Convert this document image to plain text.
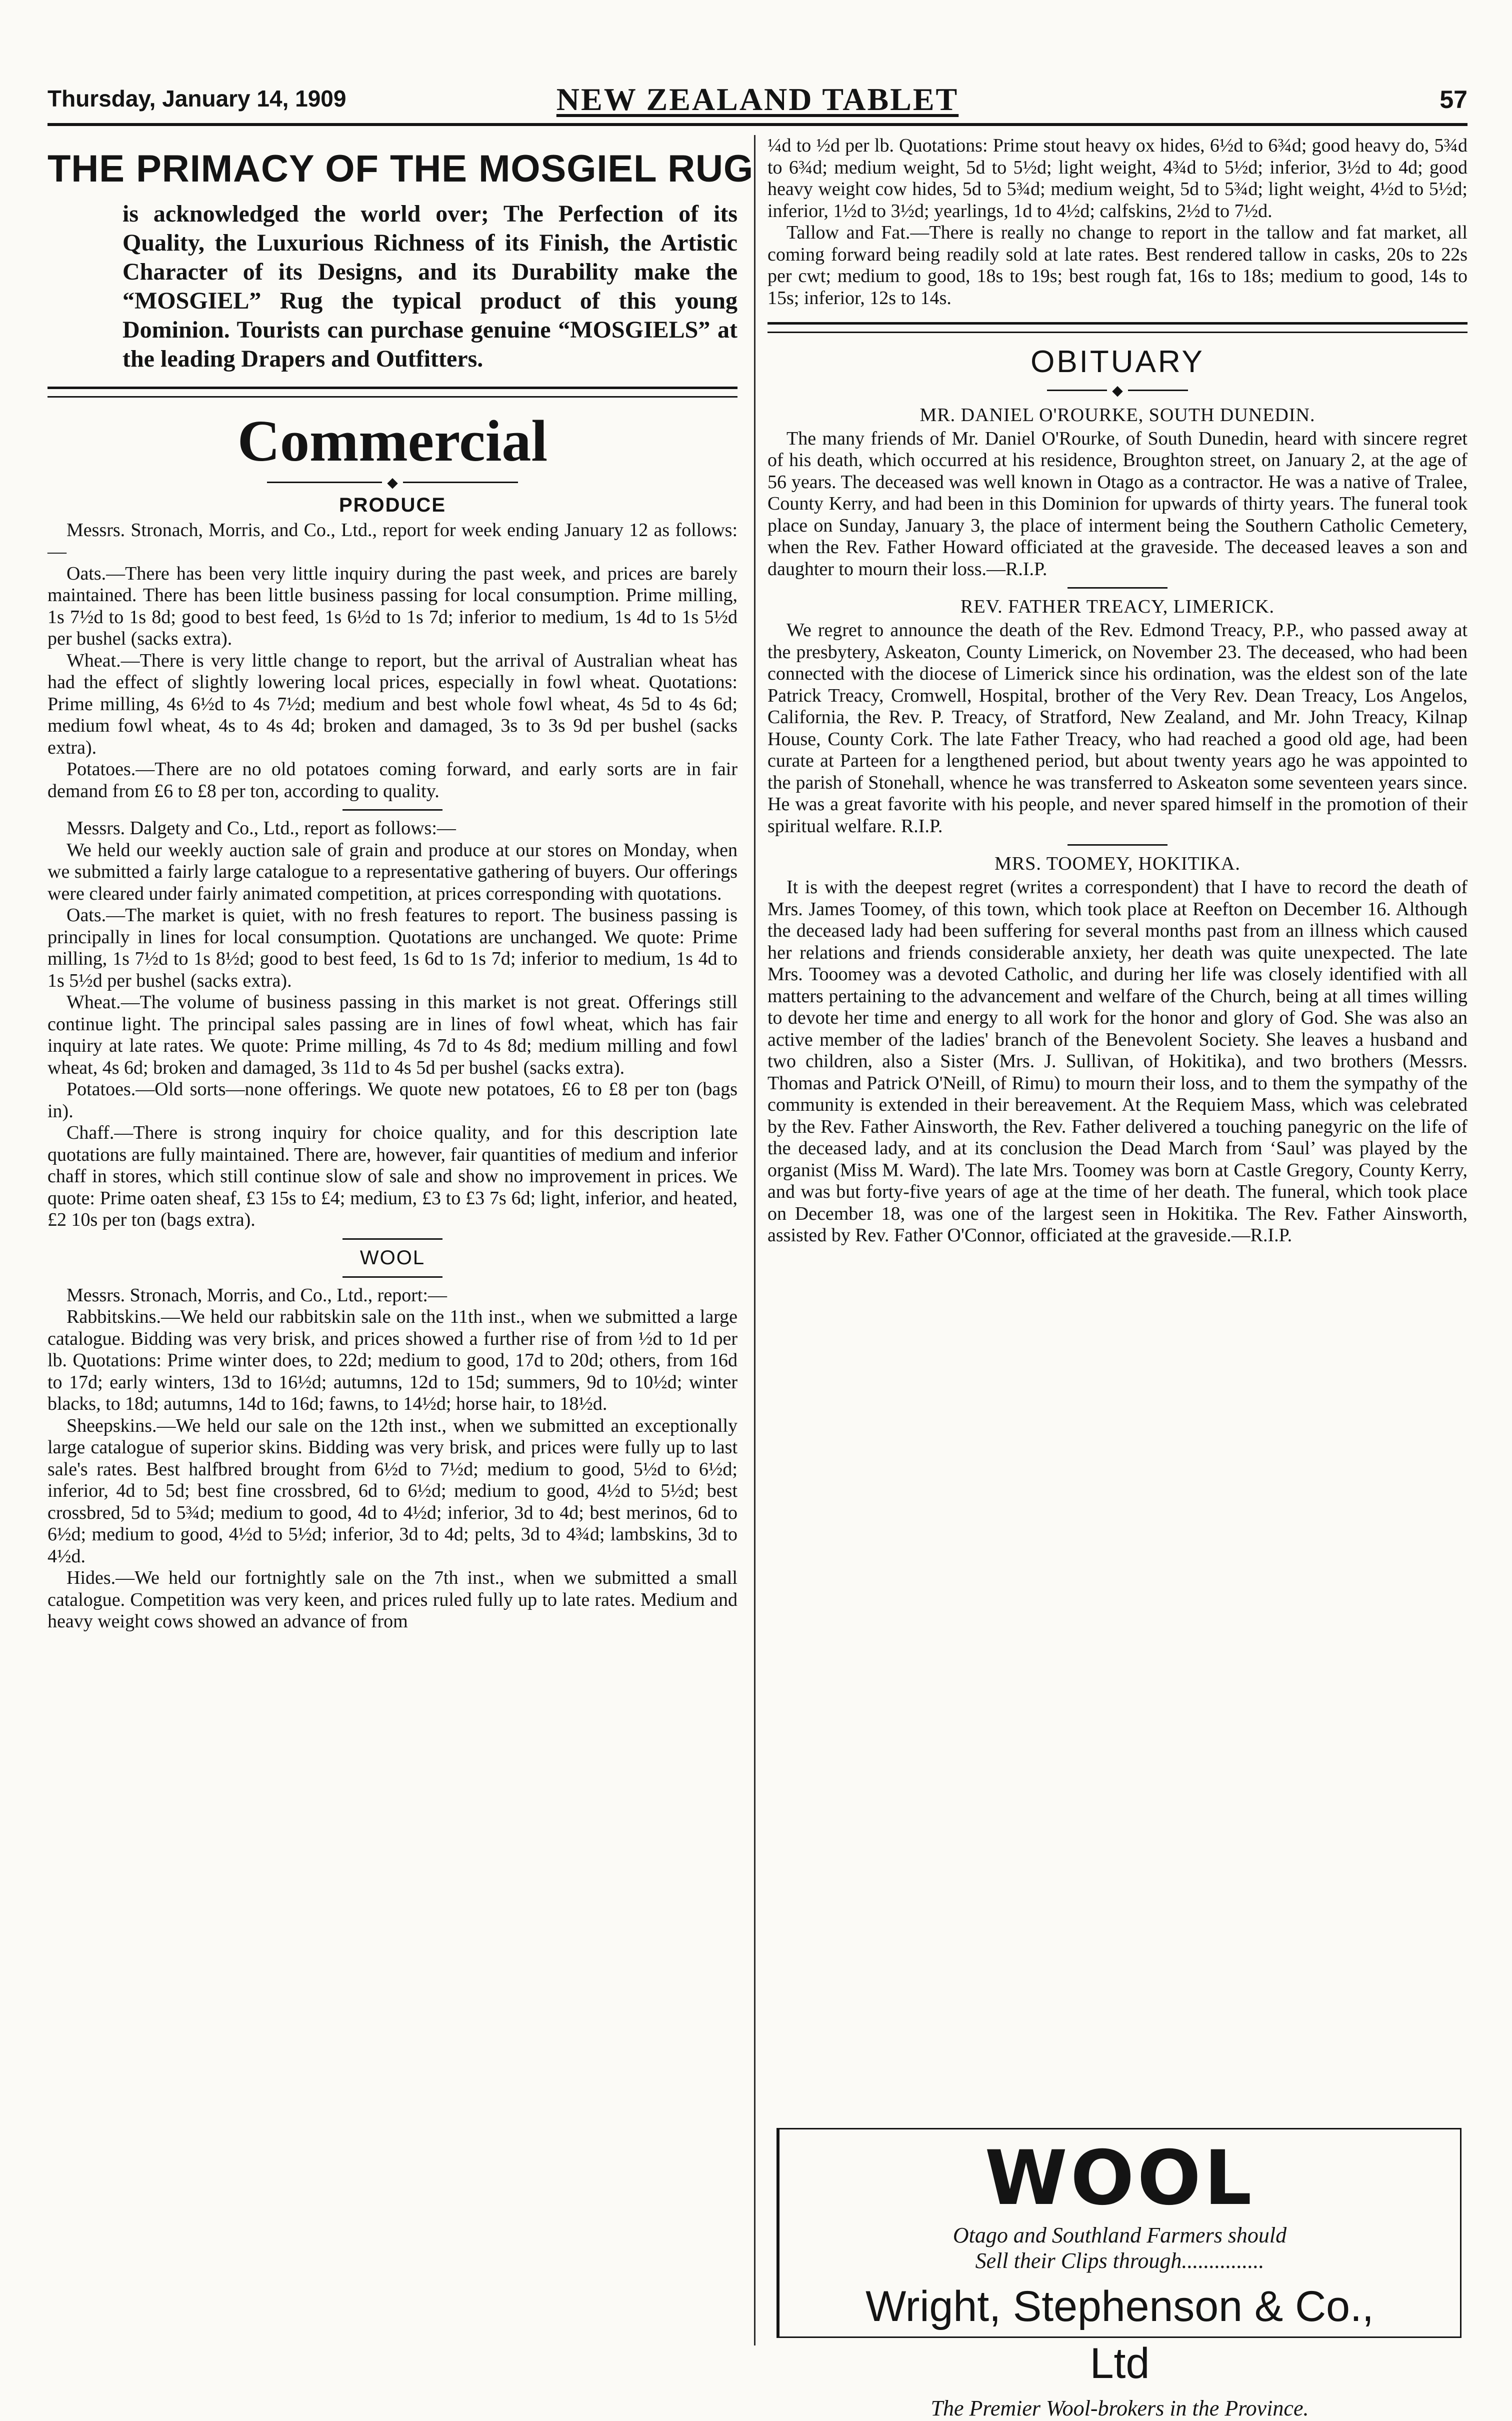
Thursday, January 14, 1909	NEW ZEALAND TABLET	57
THE PRIMACY OF THE MOSGIEL RUG

is acknowledged the world over; The Perfection of its Quality, the Luxurious Richness of its Finish, the Artistic Character of its Designs, and its Durability make the “MOSGIEL” Rug the typical product of this young Dominion. Tourists can purchase genuine “MOSGIELS” at the leading Drapers and Outfitters.

Commercial
◆
PRODUCE

Messrs. Stronach, Morris, and Co., Ltd., report for week ending January 12 as follows:—

Oats.—There has been very little inquiry during the past week, and prices are barely maintained. There has been little business passing for local consumption. Prime milling, 1s 7½d to 1s 8d; good to best feed, 1s 6½d to 1s 7d; inferior to medium, 1s 4d to 1s 5½d per bushel (sacks extra).

Wheat.—There is very little change to report, but the arrival of Australian wheat has had the effect of slightly lowering local prices, especially in fowl wheat. Quotations: Prime milling, 4s 6½d to 4s 7½d; medium and best whole fowl wheat, 4s 5d to 4s 6d; medium fowl wheat, 4s to 4s 4d; broken and damaged, 3s to 3s 9d per bushel (sacks extra).

Potatoes.—There are no old potatoes coming forward, and early sorts are in fair demand from £6 to £8 per ton, according to quality.

Messrs. Dalgety and Co., Ltd., report as follows:—

We held our weekly auction sale of grain and produce at our stores on Monday, when we submitted a fairly large catalogue to a representative gathering of buyers. Our offerings were cleared under fairly animated competition, at prices corresponding with quotations.

Oats.—The market is quiet, with no fresh features to report. The business passing is principally in lines for local consumption. Quotations are unchanged. We quote: Prime milling, 1s 7½d to 1s 8½d; good to best feed, 1s 6d to 1s 7d; inferior to medium, 1s 4d to 1s 5½d per bushel (sacks extra).

Wheat.—The volume of business passing in this market is not great. Offerings still continue light. The principal sales passing are in lines of fowl wheat, which has fair inquiry at late rates. We quote: Prime milling, 4s 7d to 4s 8d; medium milling and fowl wheat, 4s 6d; broken and damaged, 3s 11d to 4s 5d per bushel (sacks extra).

Potatoes.—Old sorts—none offerings. We quote new potatoes, £6 to £8 per ton (bags in).

Chaff.—There is strong inquiry for choice quality, and for this description late quotations are fully maintained. There are, however, fair quantities of medium and inferior chaff in stores, which still continue slow of sale and show no improvement in prices. We quote: Prime oaten sheaf, £3 15s to £4; medium, £3 to £3 7s 6d; light, inferior, and heated, £2 10s per ton (bags extra).

WOOL

Messrs. Stronach, Morris, and Co., Ltd., report:—

Rabbitskins.—We held our rabbitskin sale on the 11th inst., when we submitted a large catalogue. Bidding was very brisk, and prices showed a further rise of from ½d to 1d per lb. Quotations: Prime winter does, to 22d; medium to good, 17d to 20d; others, from 16d to 17d; early winters, 13d to 16½d; autumns, 12d to 15d; summers, 9d to 10½d; winter blacks, to 18d; autumns, 14d to 16d; fawns, to 14½d; horse hair, to 18½d.

Sheepskins.—We held our sale on the 12th inst., when we submitted an exceptionally large catalogue of superior skins. Bidding was very brisk, and prices were fully up to last sale's rates. Best halfbred brought from 6½d to 7½d; medium to good, 5½d to 6½d; inferior, 4d to 5d; best fine crossbred, 6d to 6½d; medium to good, 4½d to 5½d; best crossbred, 5d to 5¾d; medium to good, 4d to 4½d; inferior, 3d to 4d; best merinos, 6d to 6½d; medium to good, 4½d to 5½d; inferior, 3d to 4d; pelts, 3d to 4¾d; lambskins, 3d to 4½d.

Hides.—We held our fortnightly sale on the 7th inst., when we submitted a small catalogue. Competition was very keen, and prices ruled fully up to late rates. Medium and heavy weight cows showed an advance of from

¼d to ½d per lb. Quotations: Prime stout heavy ox hides, 6½d to 6¾d; good heavy do, 5¾d to 6¾d; medium weight, 5d to 5½d; light weight, 4¾d to 5½d; inferior, 3½d to 4d; good heavy weight cow hides, 5d to 5¾d; medium weight, 5d to 5¾d; light weight, 4½d to 5½d; inferior, 1½d to 3½d; yearlings, 1d to 4½d; calfskins, 2½d to 7½d.

Tallow and Fat.—There is really no change to report in the tallow and fat market, all coming forward being readily sold at late rates. Best rendered tallow in casks, 20s to 22s per cwt; medium to good, 18s to 19s; best rough fat, 16s to 18s; medium to good, 14s to 15s; inferior, 12s to 14s.

OBITUARY
◆
MR. DANIEL O'ROURKE, SOUTH DUNEDIN.

The many friends of Mr. Daniel O'Rourke, of South Dunedin, heard with sincere regret of his death, which occurred at his residence, Broughton street, on January 2, at the age of 56 years. The deceased was well known in Otago as a contractor. He was a native of Tralee, County Kerry, and had been in this Dominion for upwards of thirty years. The funeral took place on Sunday, January 3, the place of interment being the Southern Catholic Cemetery, when the Rev. Father Howard officiated at the graveside. The deceased leaves a son and daughter to mourn their loss.—R.I.P.

REV. FATHER TREACY, LIMERICK.

We regret to announce the death of the Rev. Edmond Treacy, P.P., who passed away at the presbytery, Askeaton, County Limerick, on November 23. The deceased, who had been connected with the diocese of Limerick since his ordination, was the eldest son of the late Patrick Treacy, Cromwell, Hospital, brother of the Very Rev. Dean Treacy, Los Angelos, California, the Rev. P. Treacy, of Stratford, New Zealand, and Mr. John Treacy, Kilnap House, County Cork. The late Father Treacy, who had reached a good old age, had been curate at Parteen for a lengthened period, but about twenty years ago he was appointed to the parish of Stonehall, whence he was transferred to Askeaton some seventeen years since. He was a great favorite with his people, and never spared himself in the promotion of their spiritual welfare. R.I.P.

MRS. TOOMEY, HOKITIKA.

It is with the deepest regret (writes a correspondent) that I have to record the death of Mrs. James Toomey, of this town, which took place at Reefton on December 16. Although the deceased lady had been suffering for several months past from an illness which caused her relations and friends considerable anxiety, her death was quite unexpected. The late Mrs. Tooomey was a devoted Catholic, and during her life was closely identified with all matters pertaining to the advancement and welfare of the Church, being at all times willing to devote her time and energy to all work for the honor and glory of God. She was also an active member of the ladies' branch of the Benevolent Society. She leaves a husband and two children, also a Sister (Mrs. J. Sullivan, of Hokitika), and two brothers (Messrs. Thomas and Patrick O'Neill, of Rimu) to mourn their loss, and to them the sympathy of the community is extended in their bereavement. At the Requiem Mass, which was celebrated by the Rev. Father Ainsworth, the Rev. Father delivered a touching panegyric on the life of the deceased lady, and at its conclusion the Dead March from ‘Saul’ was played by the organist (Miss M. Ward). The late Mrs. Toomey was born at Castle Gregory, County Kerry, and was but forty-five years of age at the time of her death. The funeral, which took place on December 18, was one of the largest seen in Hokitika. The Rev. Father Ainsworth, assisted by Rev. Father O'Connor, officiated at the graveside.—R.I.P.

WOOL
Otago and Southland Farmers should
Sell their Clips through...............
Wright, Stephenson & Co.,
Ltd
The Premier Wool-brokers in the Province.
